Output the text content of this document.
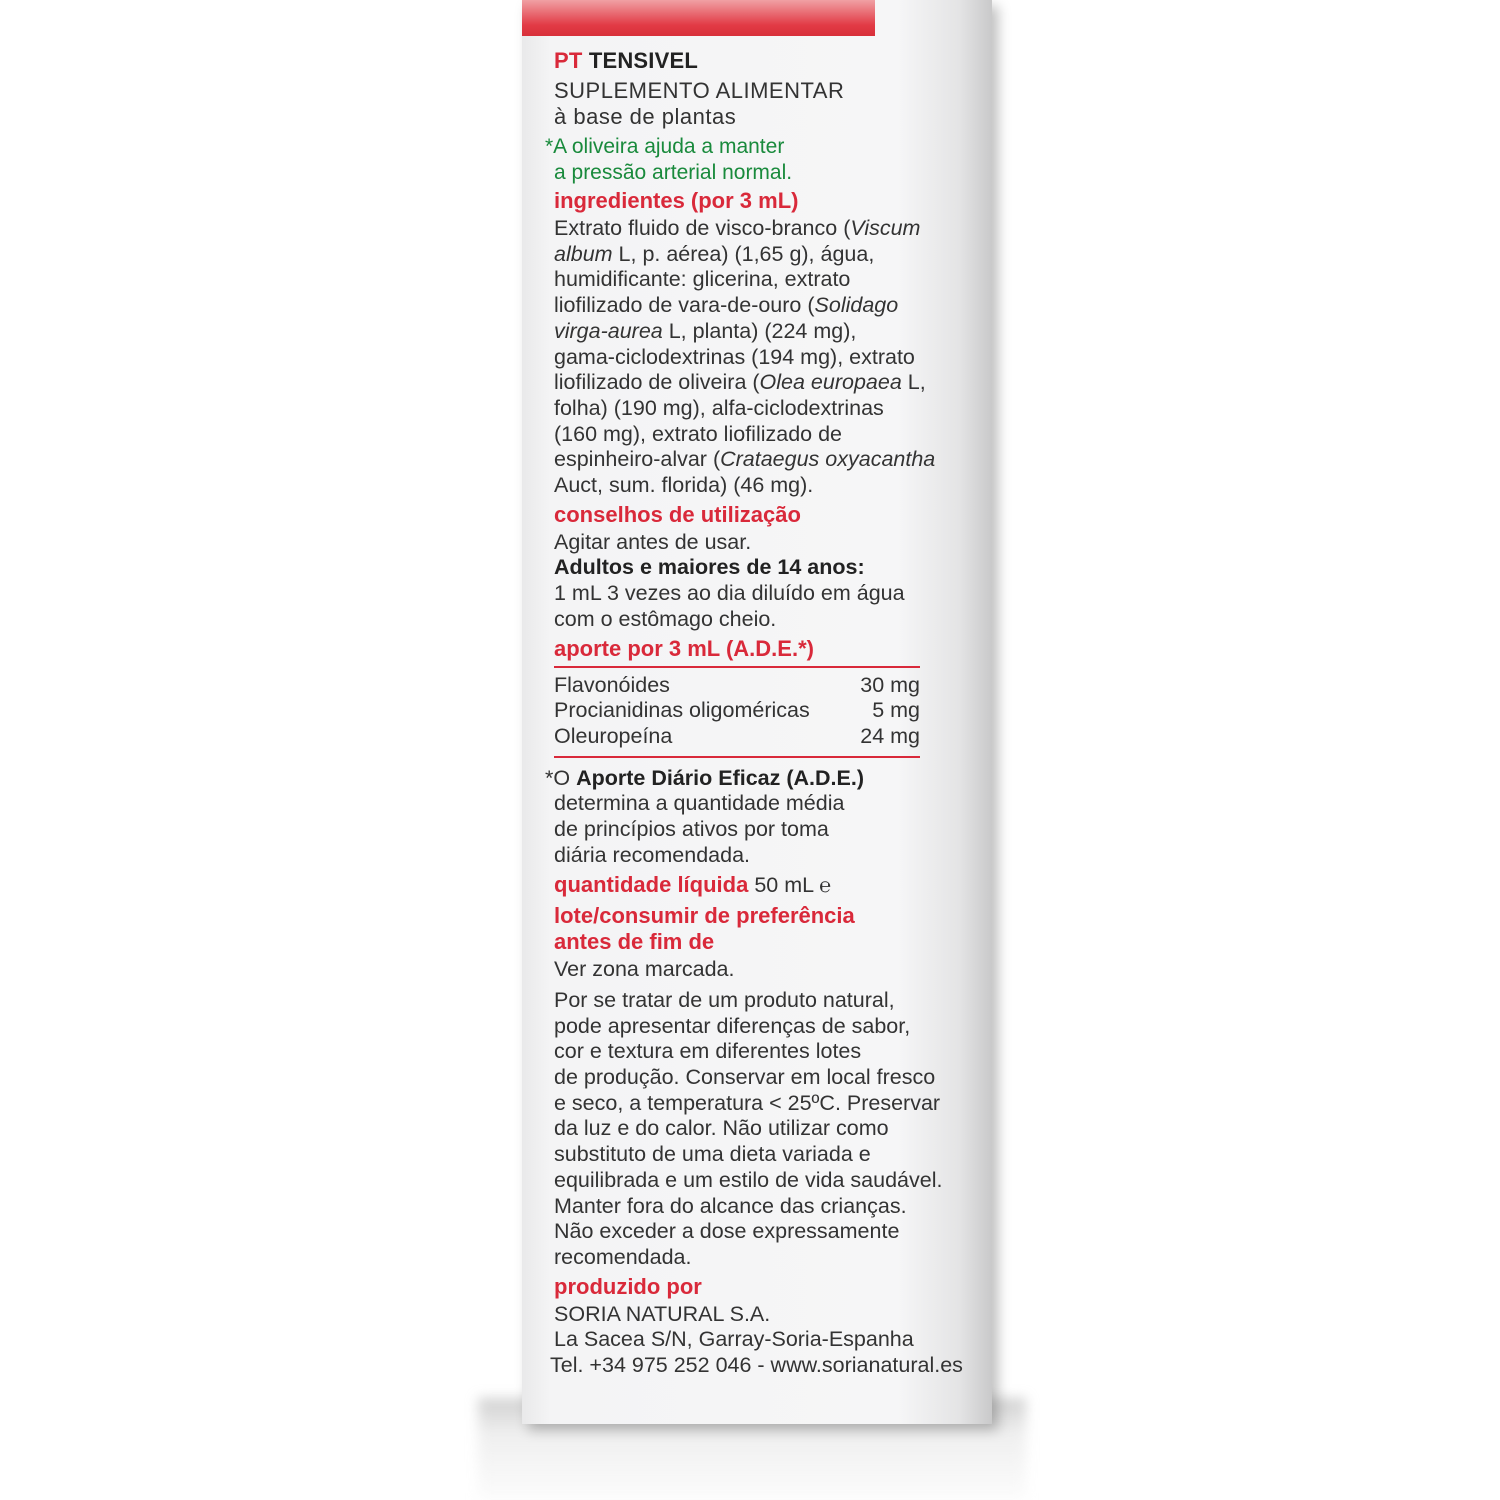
PT TENSIVEL
SUPLEMENTO ALIMENTAR
à base de plantas
*A oliveira ajuda a manter
a pressão arterial normal.
ingredientes (por 3 mL)
Extrato fluido de visco-branco (Viscum
album L, p. aérea) (1,65 g), água,
humidificante: glicerina, extrato
liofilizado de vara-de-ouro (Solidago
virga-aurea L, planta) (224 mg),
gama-ciclodextrinas (194 mg), extrato
liofilizado de oliveira (Olea europaea L,
folha) (190 mg), alfa-ciclodextrinas
(160 mg), extrato liofilizado de
espinheiro-alvar (Crataegus oxyacantha
Auct, sum. florida) (46 mg).
conselhos de utilização
Agitar antes de usar.
Adultos e maiores de 14 anos:
1 mL 3 vezes ao dia diluído em água
com o estômago cheio.
aporte por 3 mL (A.D.E.*)
Flavonóides	30 mg
Procianidinas oligoméricas	5 mg
Oleuropeína	24 mg
*O Aporte Diário Eficaz (A.D.E.)
determina a quantidade média
de princípios ativos por toma
diária recomendada.
quantidade líquida 50 mL ℮
lote/consumir de preferência
antes de fim de
Ver zona marcada.
Por se tratar de um produto natural,
pode apresentar diferenças de sabor,
cor e textura em diferentes lotes
de produção. Conservar em local fresco
e seco, a temperatura < 25ºC. Preservar
da luz e do calor. Não utilizar como
substituto de uma dieta variada e
equilibrada e um estilo de vida saudável.
Manter fora do alcance das crianças.
Não exceder a dose expressamente
recomendada.
produzido por
SORIA NATURAL S.A.
La Sacea S/N, Garray-Soria-Espanha
Tel. +34 975 252 046 - www.sorianatural.es
